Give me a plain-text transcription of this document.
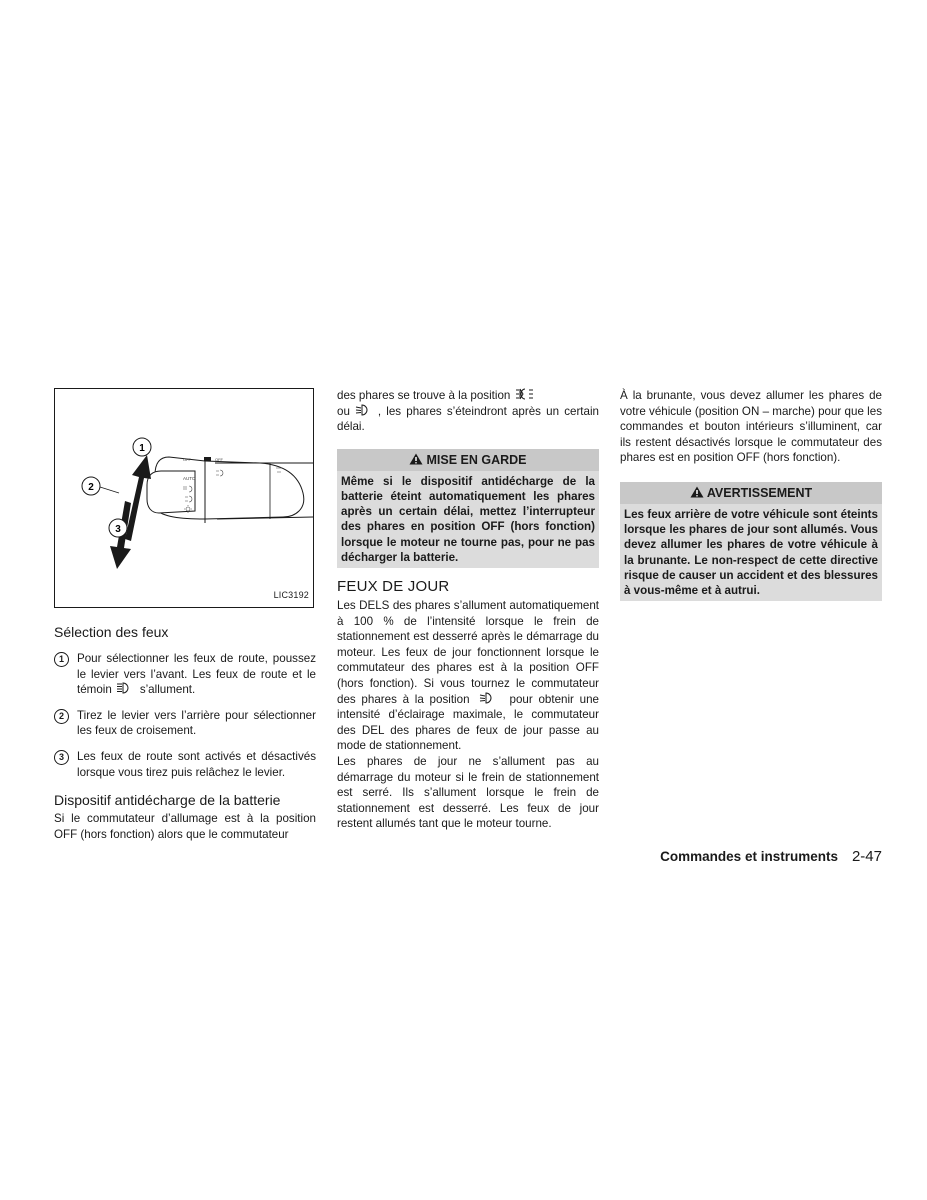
AUTO
OFF	OFF
1
2
3
LIC3192
Sélection des feux
1	Pour sélectionner les feux de route, poussez le levier vers l’avant. Les feux de route et le témoin s’allument.

2	Tirez le levier vers l’arrière pour sélectionner les feux de croisement.

3	Les feux de route sont activés et désactivés lorsque vous tirez puis relâchez le levier.

Dispositif antidécharge de la batterie

Si le commutateur d’allumage est à la position OFF (hors fonction) alors que le commutateur

des phares se trouve à la position

ou , les phares s’éteindront après un certain délai.

MISE EN GARDE

Même si le dispositif antidécharge de la batterie éteint automatiquement les phares après un certain délai, mettez l’interrupteur des phares en position OFF (hors fonction) lorsque le moteur ne tourne pas, pour ne pas décharger la batterie.

FEUX DE JOUR

Les DELS des phares s’allument automatiquement à 100 % de l’intensité lorsque le frein de stationnement est desserré après le démarrage du moteur. Les feux de jour fonctionnent lorsque le commutateur des phares est à la position OFF (hors fonction). Si vous tournez le commutateur des phares à la position	pour obtenir une intensité d’éclairage maximale, le commutateur des DEL des phares de feux de jour passe au mode de stationnement.

Les phares de jour ne s’allument pas au démarrage du moteur si le frein de stationnement est serré. Ils s’allument lorsque le frein de stationnement est desserré. Les feux de jour restent allumés tant que le moteur tourne.

À la brunante, vous devez allumer les phares de votre véhicule (position ON – marche) pour que les commandes et bouton intérieurs s’illuminent, car ils restent désactivés lorsque le commutateur des phares est en position OFF (hors fonction).

AVERTISSEMENT

Les feux arrière de votre véhicule sont éteints lorsque les phares de jour sont allumés. Vous devez allumer les phares de votre véhicule à la brunante. Le non-respect de cette directive risque de causer un accident et des blessures à vous-même et à autrui.

Commandes et instruments 2-47
